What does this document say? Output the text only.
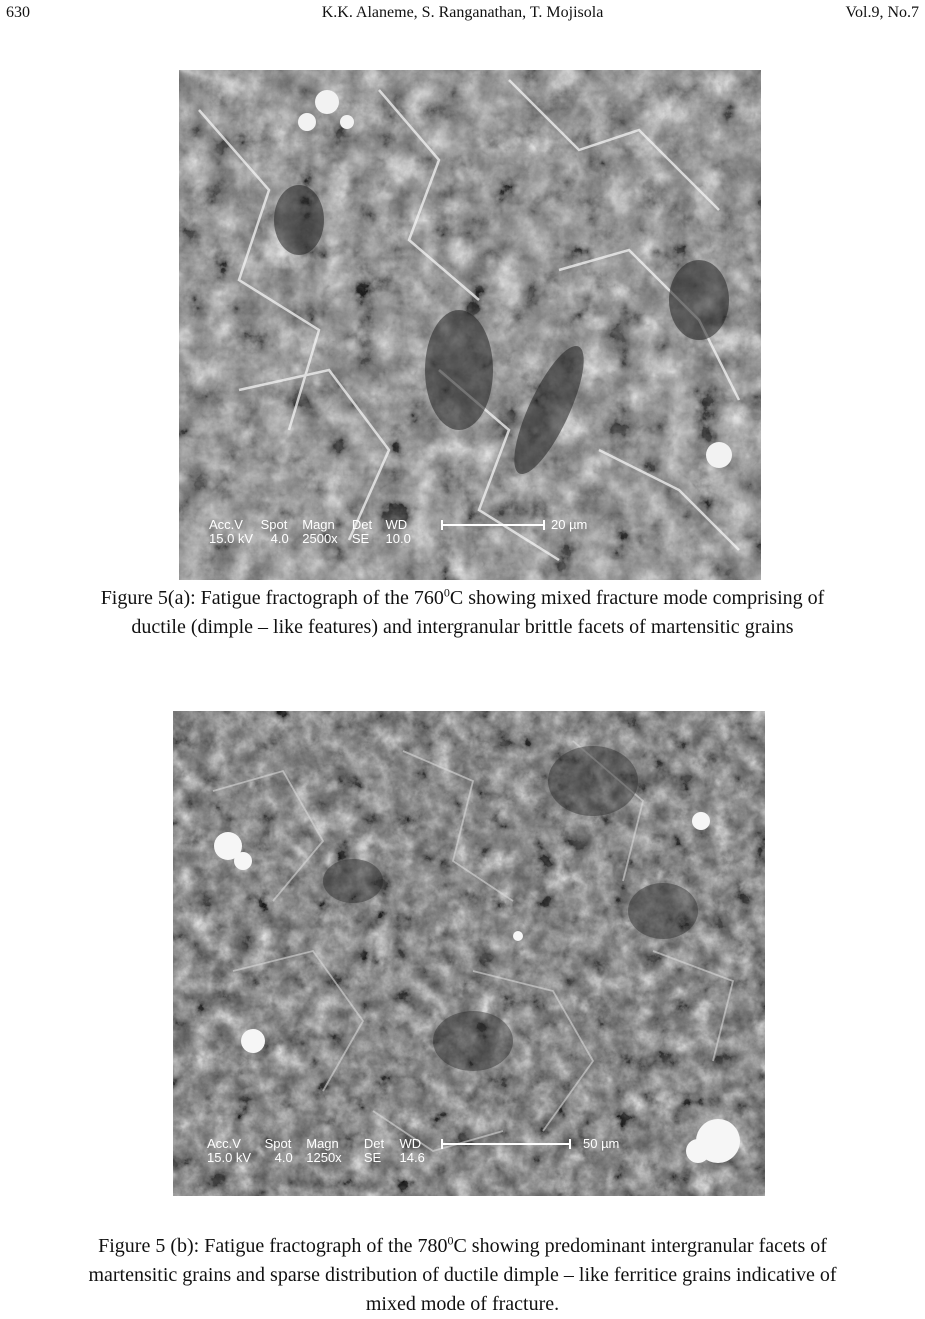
630	K.K. Alaneme, S. Ranganathan, T. Mojisola	Vol.9, No.7
Acc.V Spot Magn Det WD
15.0 kV 4.0 2500x SE 10.0
20 µm
Figure 5(a): Fatigue fractograph of the $760^0C$ showing mixed fracture mode comprising of
ductile (dimple – like features) and intergranular brittle facets of martensitic grains
Acc.V Spot Magn Det WD
15.0 kV 4.0 1250x SE 14.6
50 µm
Figure 5 (b): Fatigue fractograph of the $780^0C$ showing predominant intergranular facets of
martensitic grains and sparse distribution of ductile dimple – like ferritice grains indicative of
mixed mode of fracture.
